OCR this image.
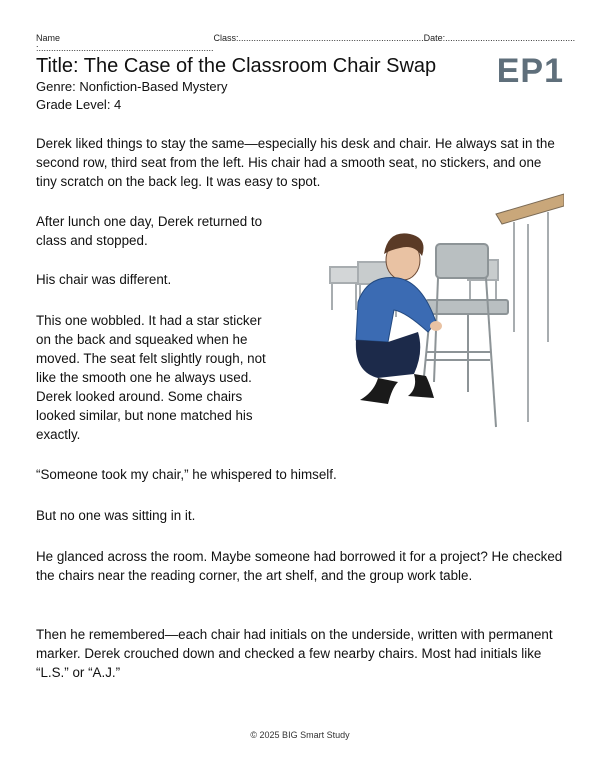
Name :......................................................................
Class:.......................................................................... Date:....................................................
Title: The Case of the Classroom Chair Swap
Genre: Nonfiction-Based Mystery
Grade Level: 4
EP1

Derek liked things to stay the same—especially his desk and chair. He always sat in the second row, third seat from the left. His chair had a smooth seat, no stickers, and one tiny scratch on the back leg. It was easy to spot.

After lunch one day, Derek returned to class and stopped.

His chair was different.

This one wobbled. It had a star sticker on the back and squeaked when he moved. The seat felt slightly rough, not like the smooth one he always used. Derek looked around. Some chairs looked similar, but none matched his exactly.

“Someone took my chair,” he whispered to himself.

But no one was sitting in it.

He glanced across the room. Maybe someone had borrowed it for a project? He checked the chairs near the reading corner, the art shelf, and the group work table.

Then he remembered—each chair had initials on the underside, written with permanent marker. Derek crouched down and checked a few nearby chairs. Most had initials like “L.S.” or “A.J.”

© 2025 BIG Smart Study
